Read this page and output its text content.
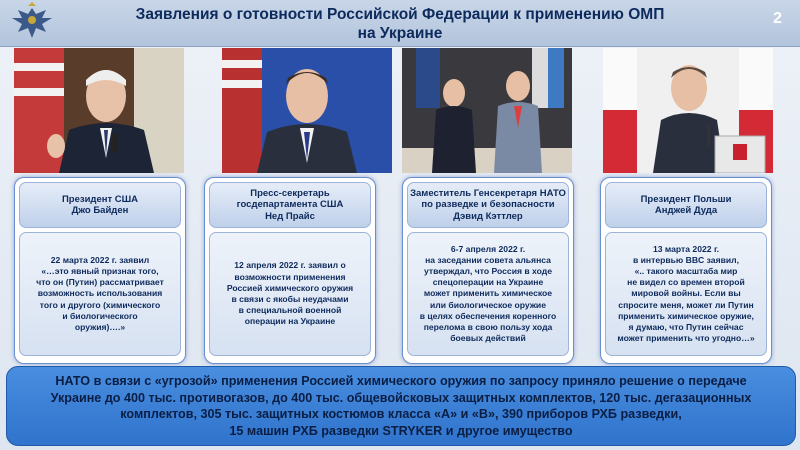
Заявления о готовности Российской Федерации к применению ОМП
на Украине
2
Президент США
Джо Байден
22 марта 2022 г. заявил
«…это явный признак того,
что он (Путин) рассматривает
возможность использования
того и другого (химического
и биологического
оружия)….»
Пресс-секретарь
госдепартамента США
Нед Прайс
12 апреля 2022 г. заявил о
возможности применения
Россией химического оружия
в связи с якобы неудачами
в специальной военной
операции на Украине
Заместитель Генсекретаря НАТО
по разведке и безопасности
Дэвид Кэттлер
6-7 апреля 2022 г.
на заседании совета альянса
утверждал, что Россия в ходе
спецоперации на Украине
может применить химическое
или биологическое оружие
в целях обеспечения коренного
перелома в свою пользу хода
боевых действий
Президент Польши
Анджей Дуда
13 марта 2022 г.
в интервью BBC заявил,
«.. такого масштаба мир
не видел со времен второй
мировой войны. Если вы
спросите меня, может ли Путин
применить химическое оружие,
я думаю, что Путин сейчас
может применить что угодно…»
НАТО в связи с «угрозой» применения Россией химического оружия по запросу приняло решение о передаче
Украине до 400 тыс. противогазов, до 400 тыс. общевойсковых защитных комплектов, 120 тыс. дегазационных
комплектов, 305 тыс. защитных костюмов класса «А» и «В», 390 приборов РХБ разведки,
15 машин РХБ разведки STRYKER и другое имущество
